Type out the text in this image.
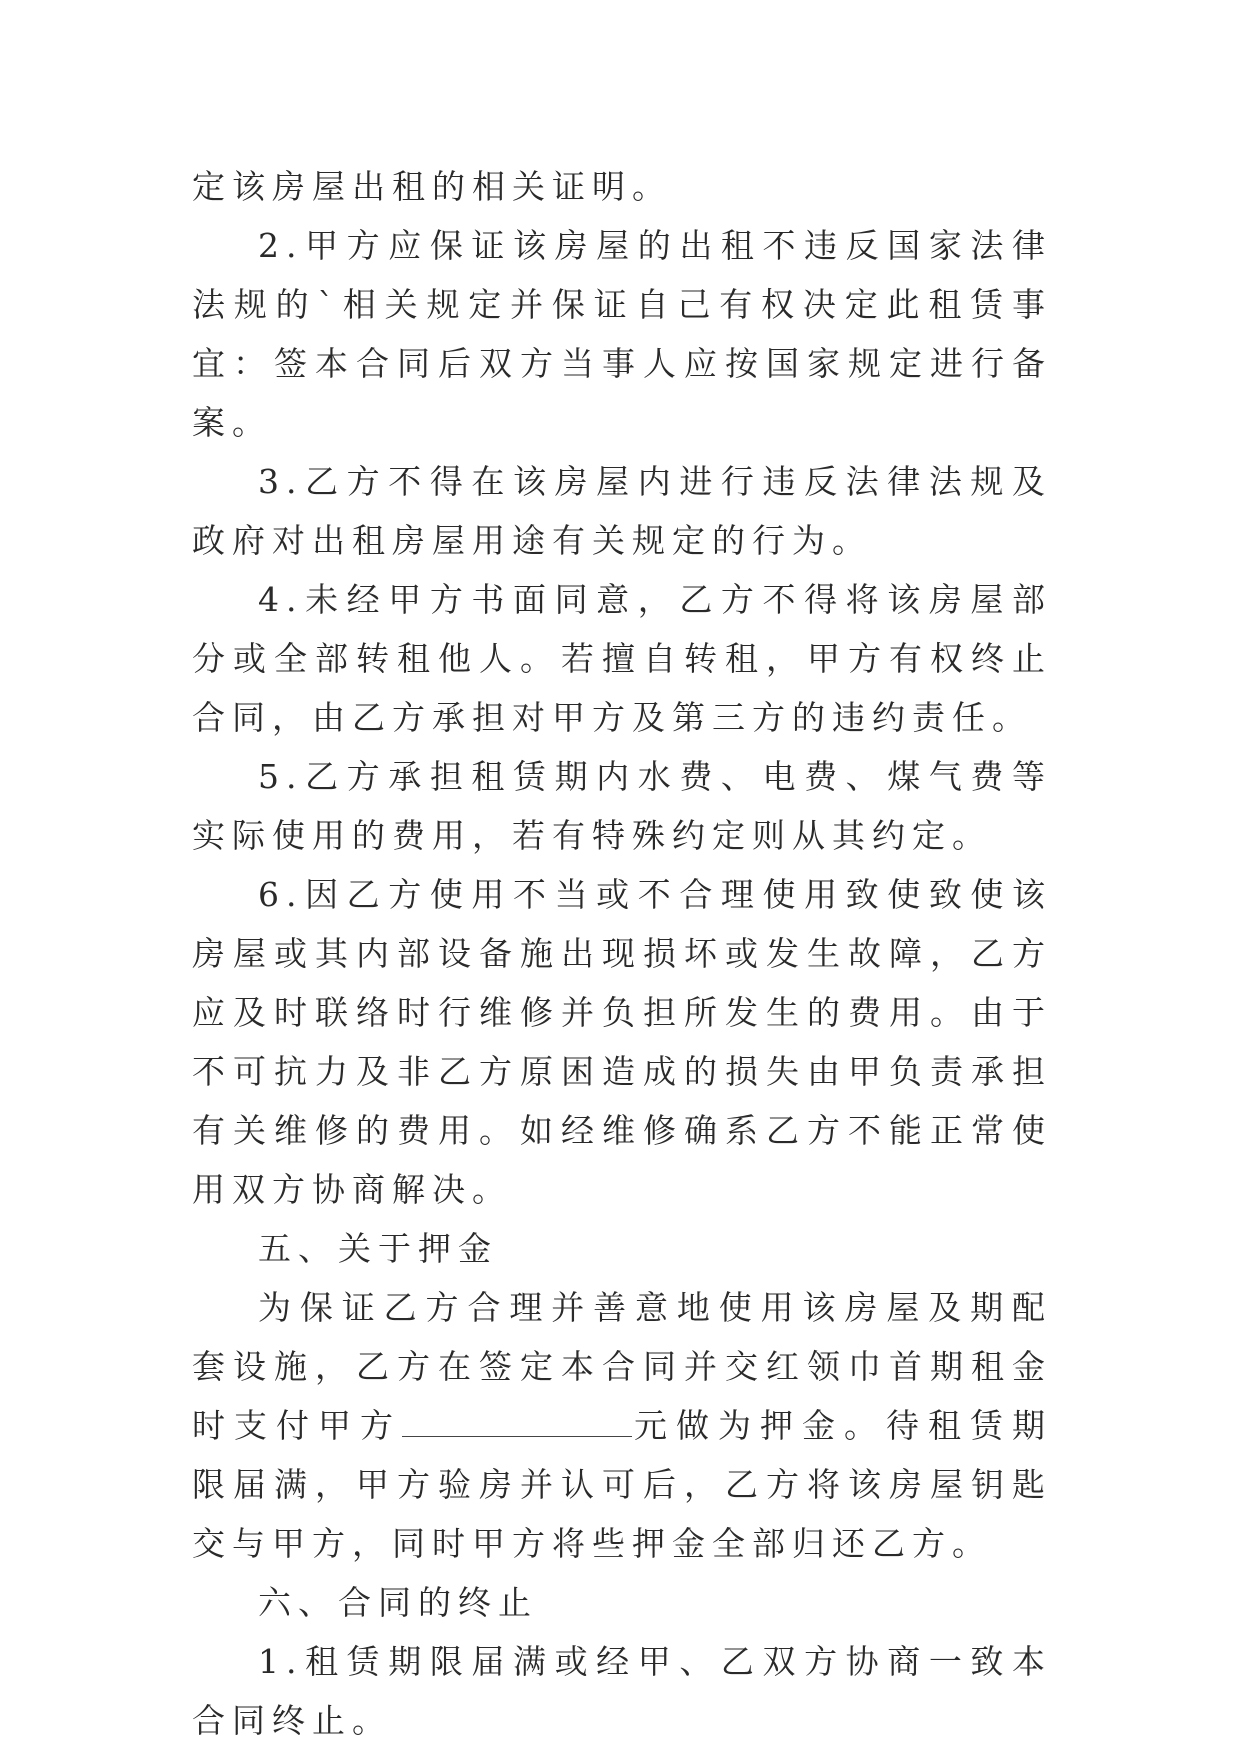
定该房屋出租的相关证明。

2.甲方应保证该房屋的出租不违反国家法律法规的`相关规定并保证自己有权决定此租赁事宜：签本合同后双方当事人应按国家规定进行备案。

3.乙方不得在该房屋内进行违反法律法规及政府对出租房屋用途有关规定的行为。

4.未经甲方书面同意，乙方不得将该房屋部分或全部转租他人。若擅自转租，甲方有权终止合同，由乙方承担对甲方及第三方的违约责任。

5.乙方承担租赁期内水费、电费、煤气费等实际使用的费用，若有特殊约定则从其约定。

6.因乙方使用不当或不合理使用致使致使该房屋或其内部设备施出现损坏或发生故障，乙方应及时联络时行维修并负担所发生的费用。由于不可抗力及非乙方原困造成的损失由甲负责承担有关维修的费用。如经维修确系乙方不能正常使用双方协商解决。

五、关于押金

为保证乙方合理并善意地使用该房屋及期配套设施，乙方在签定本合同并交红领巾首期租金时支付甲方	元做为押金。待租赁期限届满，甲方验房并认可后，乙方将该房屋钥匙交与甲方，同时甲方将些押金全部归还乙方。

六、合同的终止

1.租赁期限届满或经甲、乙双方协商一致本合同终止。
